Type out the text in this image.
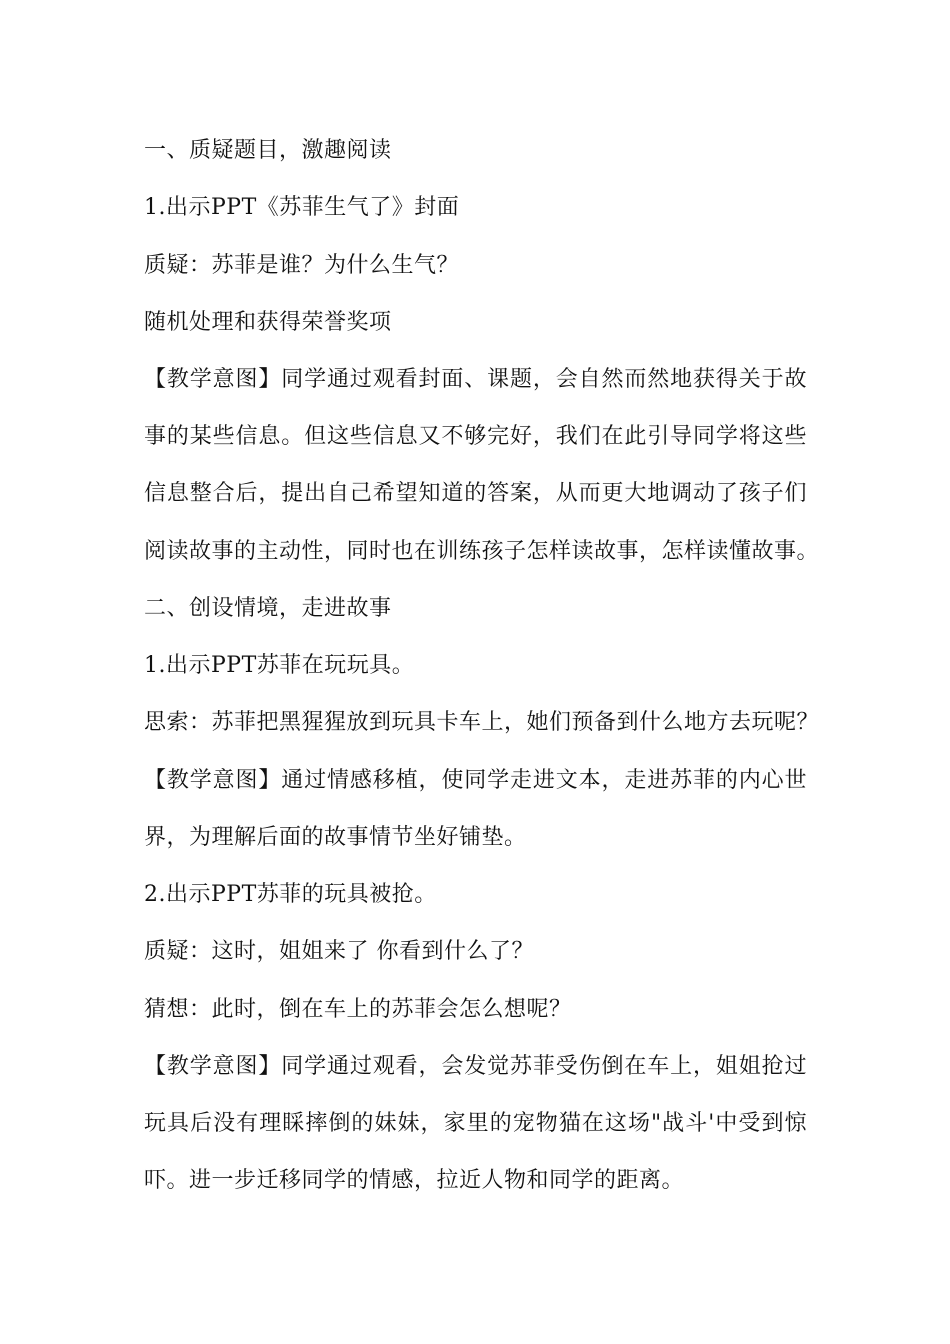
一、质疑题目，激趣阅读
1.出示PPT《苏菲生气了》封面
质疑：苏菲是谁？为什么生气？
随机处理和获得荣誉奖项
【教学意图】同学通过观看封面、课题，会自然而然地获得关于故
事的某些信息。但这些信息又不够完好，我们在此引导同学将这些
信息整合后，提出自己希望知道的答案，从而更大地调动了孩子们
阅读故事的主动性，同时也在训练孩子怎样读故事，怎样读懂故事。
二、创设情境，走进故事
1.出示PPT苏菲在玩玩具。
思索：苏菲把黑猩猩放到玩具卡车上，她们预备到什么地方去玩呢？
【教学意图】通过情感移植，使同学走进文本，走进苏菲的内心世
界，为理解后面的故事情节坐好铺垫。
2.出示PPT苏菲的玩具被抢。
质疑：这时，姐姐来了 你看到什么了？
猜想：此时，倒在车上的苏菲会怎么想呢？
【教学意图】同学通过观看，会发觉苏菲受伤倒在车上，姐姐抢过
玩具后没有理睬摔倒的妹妹，家里的宠物猫在这场"战斗'中受到惊
吓。进一步迁移同学的情感，拉近人物和同学的距离。
